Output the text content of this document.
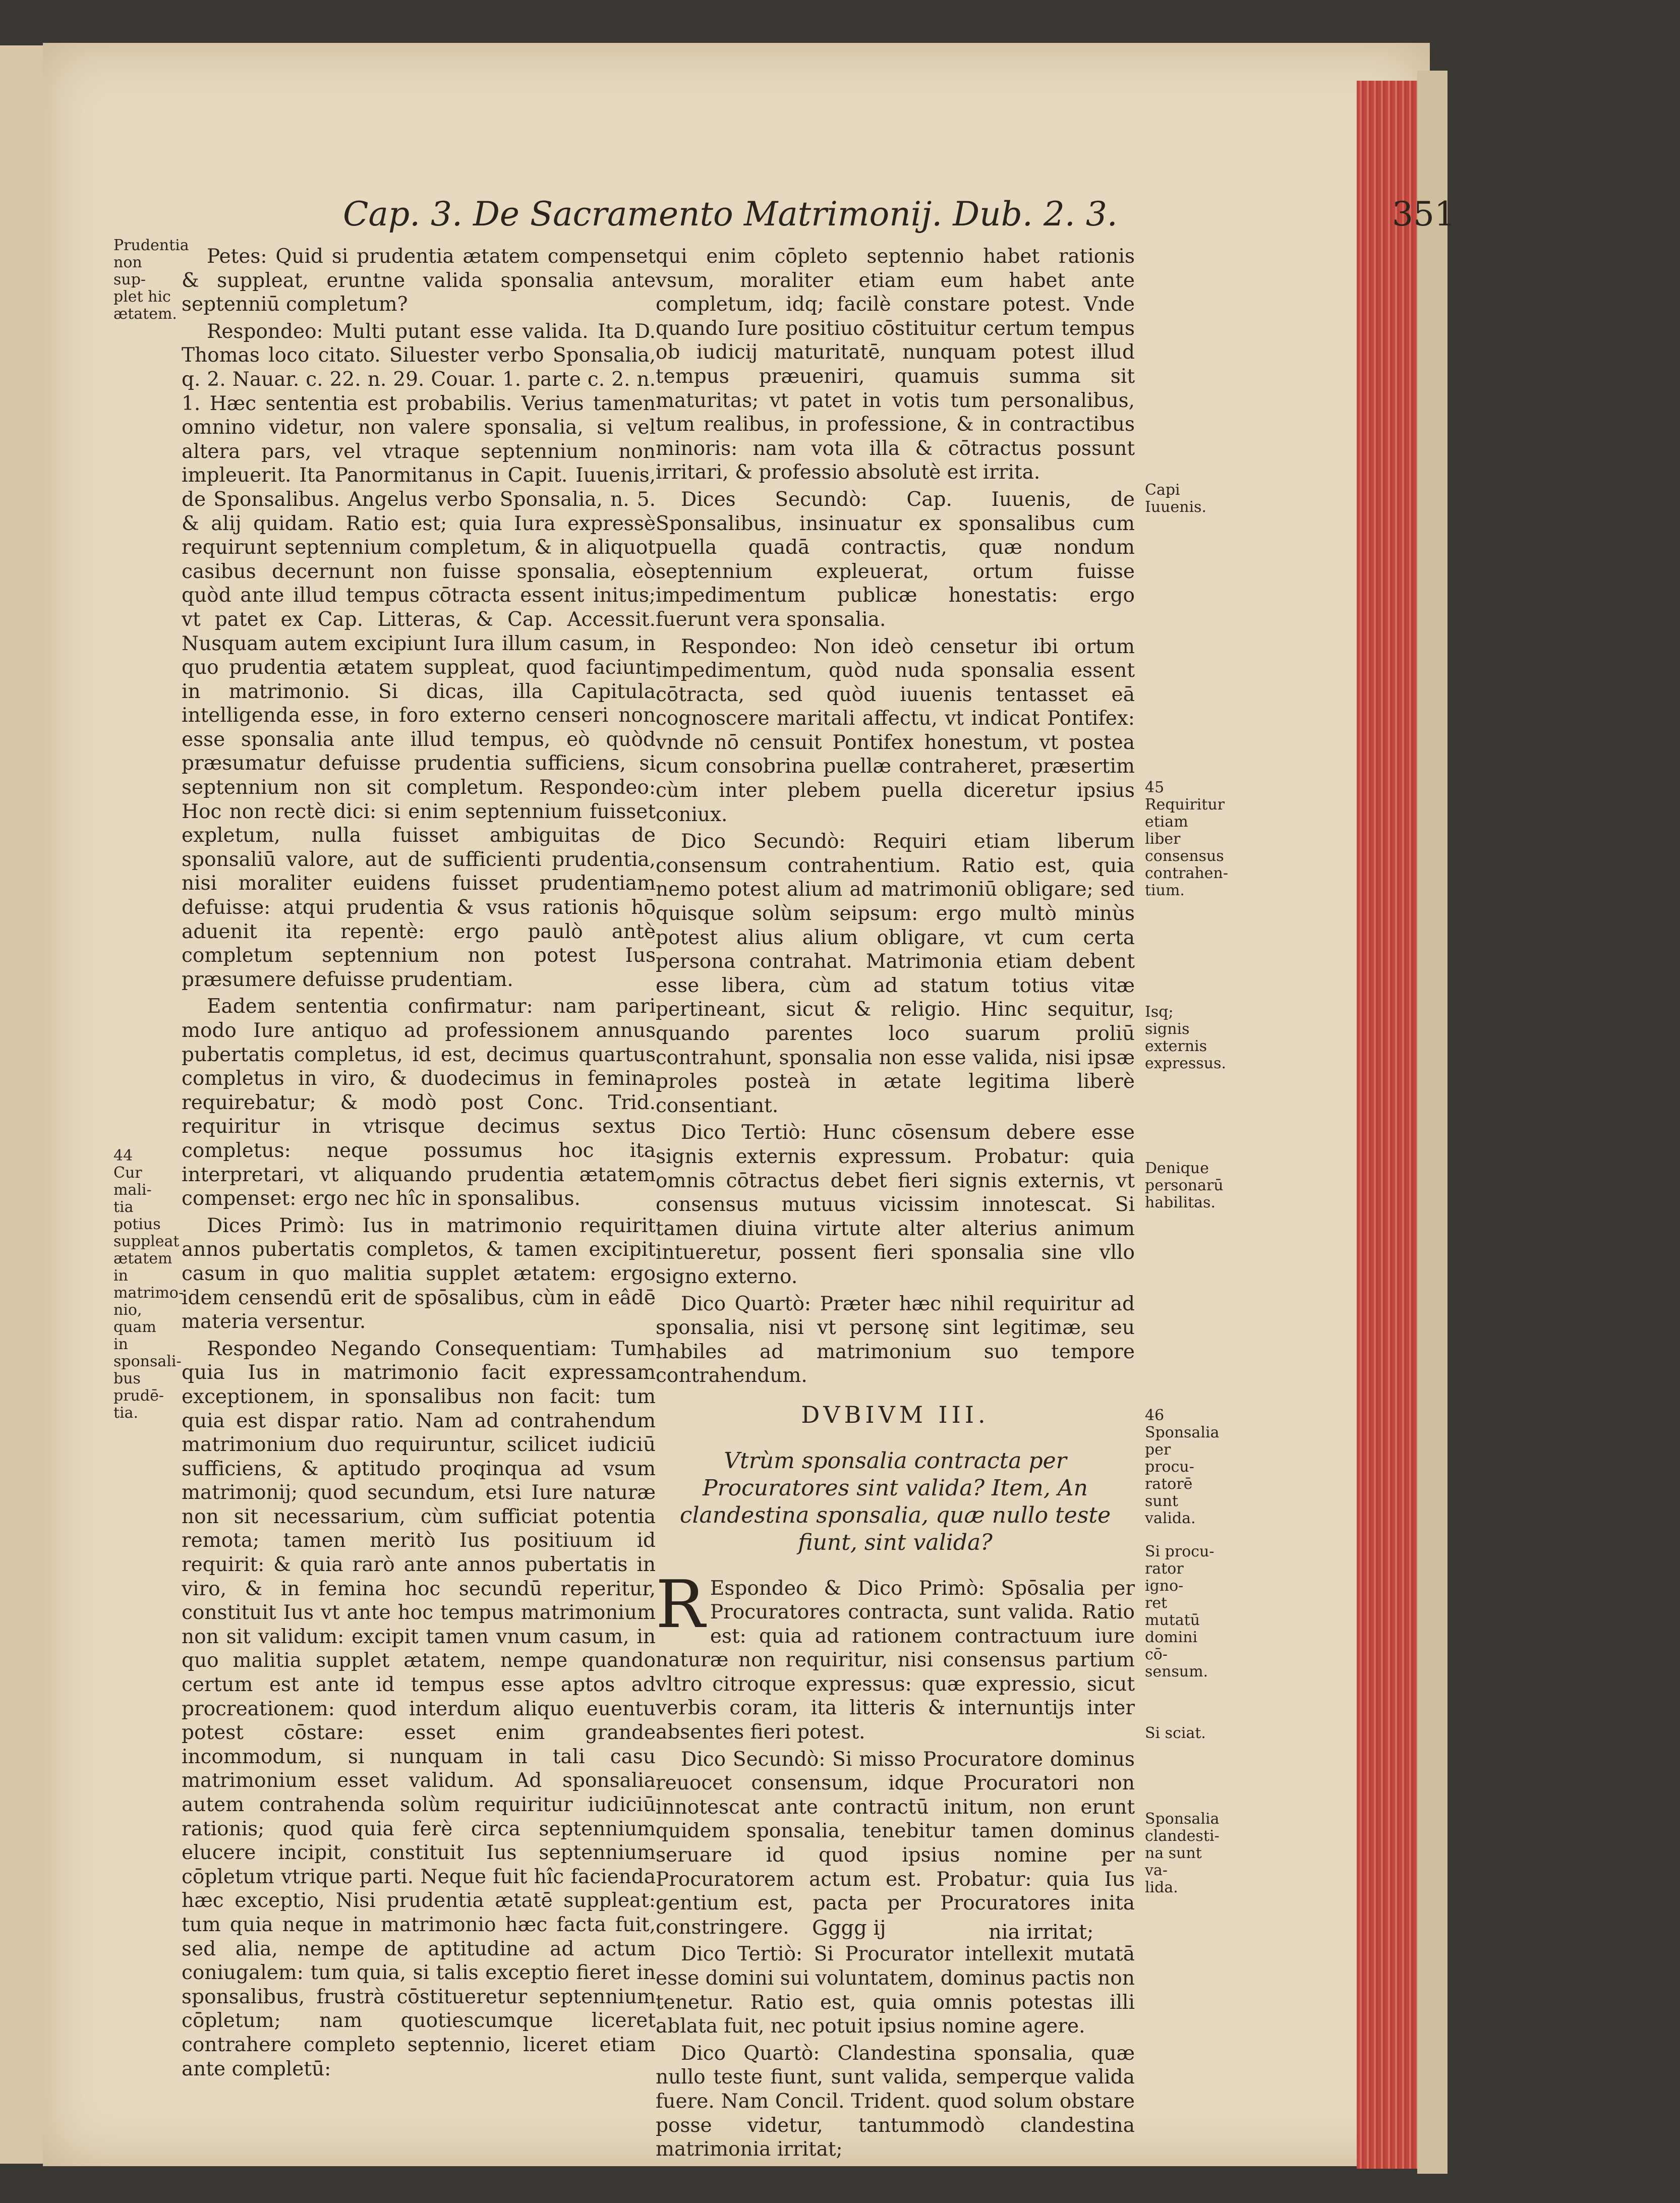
Cap. 3. De Sacramento Matrimonij. Dub. 2. 3.	351

Petes: Quid si prudentia ætatem compenset & suppleat, eruntne valida sponsalia ante septenniū completum?

Respondeo: Multi putant esse valida. Ita D. Thomas loco citato. Siluester verbo Sponsalia, q. 2. Nauar. c. 22. n. 29. Couar. 1. parte c. 2. n. 1. Hæc sententia est probabilis. Verius tamen omnino videtur, non valere sponsalia, si vel altera pars, vel vtraque septennium non impleuerit. Ita Panormitanus in Capit. Iuuenis, de Sponsalibus. Angelus verbo Sponsalia, n. 5. & alij quidam. Ratio est; quia Iura expressè requirunt septennium completum, & in aliquot casibus decernunt non fuisse sponsalia, eò quòd ante illud tempus cōtracta essent initus; vt patet ex Cap. Litteras, & Cap. Accessit. Nusquam autem excipiunt Iura illum casum, in quo prudentia ætatem suppleat, quod faciunt in matrimonio. Si dicas, illa Capitula intelligenda esse, in foro externo censeri non esse sponsalia ante illud tempus, eò quòd præsumatur defuisse prudentia sufficiens, si septennium non sit completum. Respondeo: Hoc non rectè dici: si enim septennium fuisset expletum, nulla fuisset ambiguitas de sponsaliū valore, aut de sufficienti prudentia, nisi moraliter euidens fuisset prudentiam defuisse: atqui prudentia & vsus rationis hō aduenit ita repentè: ergo paulò antè completum septennium non potest Ius præsumere defuisse prudentiam.

Eadem sententia confirmatur: nam pari modo Iure antiquo ad professionem annus pubertatis completus, id est, decimus quartus completus in viro, & duodecimus in femina requirebatur; & modò post Conc. Trid. requiritur in vtrisque decimus sextus completus: neque possumus hoc ita interpretari, vt aliquando prudentia ætatem compenset: ergo nec hîc in sponsalibus.

Dices Primò: Ius in matrimonio requirit annos pubertatis completos, & tamen excipit casum in quo malitia supplet ætatem: ergo idem censendū erit de spōsalibus, cùm in eâdē materia versentur.

Respondeo Negando Consequentiam: Tum quia Ius in matrimonio facit expressam exceptionem, in sponsalibus non facit: tum quia est dispar ratio. Nam ad contrahendum matrimonium duo requiruntur, scilicet iudiciū sufficiens, & aptitudo proqinqua ad vsum matrimonij; quod secundum, etsi Iure naturæ non sit necessarium, cùm sufficiat potentia remota; tamen meritò Ius positiuum id requirit: & quia rarò ante annos pubertatis in viro, & in femina hoc secundū reperitur, constituit Ius vt ante hoc tempus matrimonium non sit validum: excipit tamen vnum casum, in quo malitia supplet ætatem, nempe quando certum est ante id tempus esse aptos ad procreationem: quod interdum aliquo euentu potest cōstare: esset enim grande incommodum, si nunquam in tali casu matrimonium esset validum. Ad sponsalia autem contrahenda solùm requiritur iudiciū rationis; quod quia ferè circa septennium elucere incipit, constituit Ius septennium cōpletum vtrique parti. Neque fuit hîc facienda hæc exceptio, Nisi prudentia ætatē suppleat: tum quia neque in matrimonio hæc facta fuit, sed alia, nempe de aptitudine ad actum coniugalem: tum quia, si talis exceptio fieret in sponsalibus, frustrà cōstitueretur septennium cōpletum; nam quotiescumque liceret contrahere completo septennio, liceret etiam ante completū:

qui enim cōpleto septennio habet rationis vsum, moraliter etiam eum habet ante completum, idq; facilè constare potest. Vnde quando Iure positiuo cōstituitur certum tempus ob iudicij maturitatē, nunquam potest illud tempus præueniri, quamuis summa sit maturitas; vt patet in votis tum personalibus, tum realibus, in professione, & in contractibus minoris: nam vota illa & cōtractus possunt irritari, & professio absolutè est irrita.

Dices Secundò: Cap. Iuuenis, de Sponsalibus, insinuatur ex sponsalibus cum puella quadā contractis, quæ nondum septennium expleuerat, ortum fuisse impedimentum publicæ honestatis: ergo fuerunt vera sponsalia.

Respondeo: Non ideò censetur ibi ortum impedimentum, quòd nuda sponsalia essent cōtracta, sed quòd iuuenis tentasset eā cognoscere maritali affectu, vt indicat Pontifex: vnde nō censuit Pontifex honestum, vt postea cum consobrina puellæ contraheret, præsertim cùm inter plebem puella diceretur ipsius coniux.

Dico Secundò: Requiri etiam liberum consensum contrahentium. Ratio est, quia nemo potest alium ad matrimoniū obligare; sed quisque solùm seipsum: ergo multò minùs potest alius alium obligare, vt cum certa persona contrahat. Matrimonia etiam debent esse libera, cùm ad statum totius vitæ pertineant, sicut & religio. Hinc sequitur, quando parentes loco suarum proliū contrahunt, sponsalia non esse valida, nisi ipsæ proles posteà in ætate legitima liberè consentiant.

Dico Tertiò: Hunc cōsensum debere esse signis externis expressum. Probatur: quia omnis cōtractus debet fieri signis externis, vt consensus mutuus vicissim innotescat. Si tamen diuina virtute alter alterius animum intueretur, possent fieri sponsalia sine vllo signo externo.

Dico Quartò: Præter hæc nihil requiritur ad sponsalia, nisi vt personę sint legitimæ, seu habiles ad matrimonium suo tempore contrahendum.

DVBIVM III.
Vtrùm sponsalia contracta per Procuratores sint valida? Item, An clandestina sponsalia, quæ nullo teste fiunt, sint valida?

R Espondeo & Dico Primò: Spōsalia per Procuratores contracta, sunt valida. Ratio est: quia ad rationem contractuum iure naturæ non requiritur, nisi consensus partium vltro citroque expressus: quæ expressio, sicut verbis coram, ita litteris & internuntijs inter absentes fieri potest.

Dico Secundò: Si misso Procuratore dominus reuocet consensum, idque Procuratori non innotescat ante contractū initum, non erunt quidem sponsalia, tenebitur tamen dominus seruare id quod ipsius nomine per Procuratorem actum est. Probatur: quia Ius gentium est, pacta per Procuratores inita constringere.

Dico Tertiò: Si Procurator intellexit mutatā esse domini sui voluntatem, dominus pactis non tenetur. Ratio est, quia omnis potestas illi ablata fuit, nec potuit ipsius nomine agere.

Dico Quartò: Clandestina sponsalia, quæ nullo teste fiunt, sunt valida, semperque valida fuere. Nam Concil. Trident. quod solum obstare posse videtur, tantummodò clandestina matrimonia irritat;

Prudentia
non sup-
plet hic
ætatem.
44
Cur mali-
tia potius
suppleat
ætatem in
matrimo-
nio, quam
in sponsali-
bus prudē-
tia.
Capi
Iuuenis.
45
Requiritur
etiam liber
consensus
contrahen-
tium.
Isq; signis
externis
expressus.
Denique
personarū
habilitas.
46
Sponsalia
per procu-
ratorē sunt
valida.
Si procu-
rator igno-
ret mutatū
domini cō-
sensum.
Si sciat.
Sponsalia
clandesti-
na sunt va-
lida.
Gggg ij	nia irritat;
